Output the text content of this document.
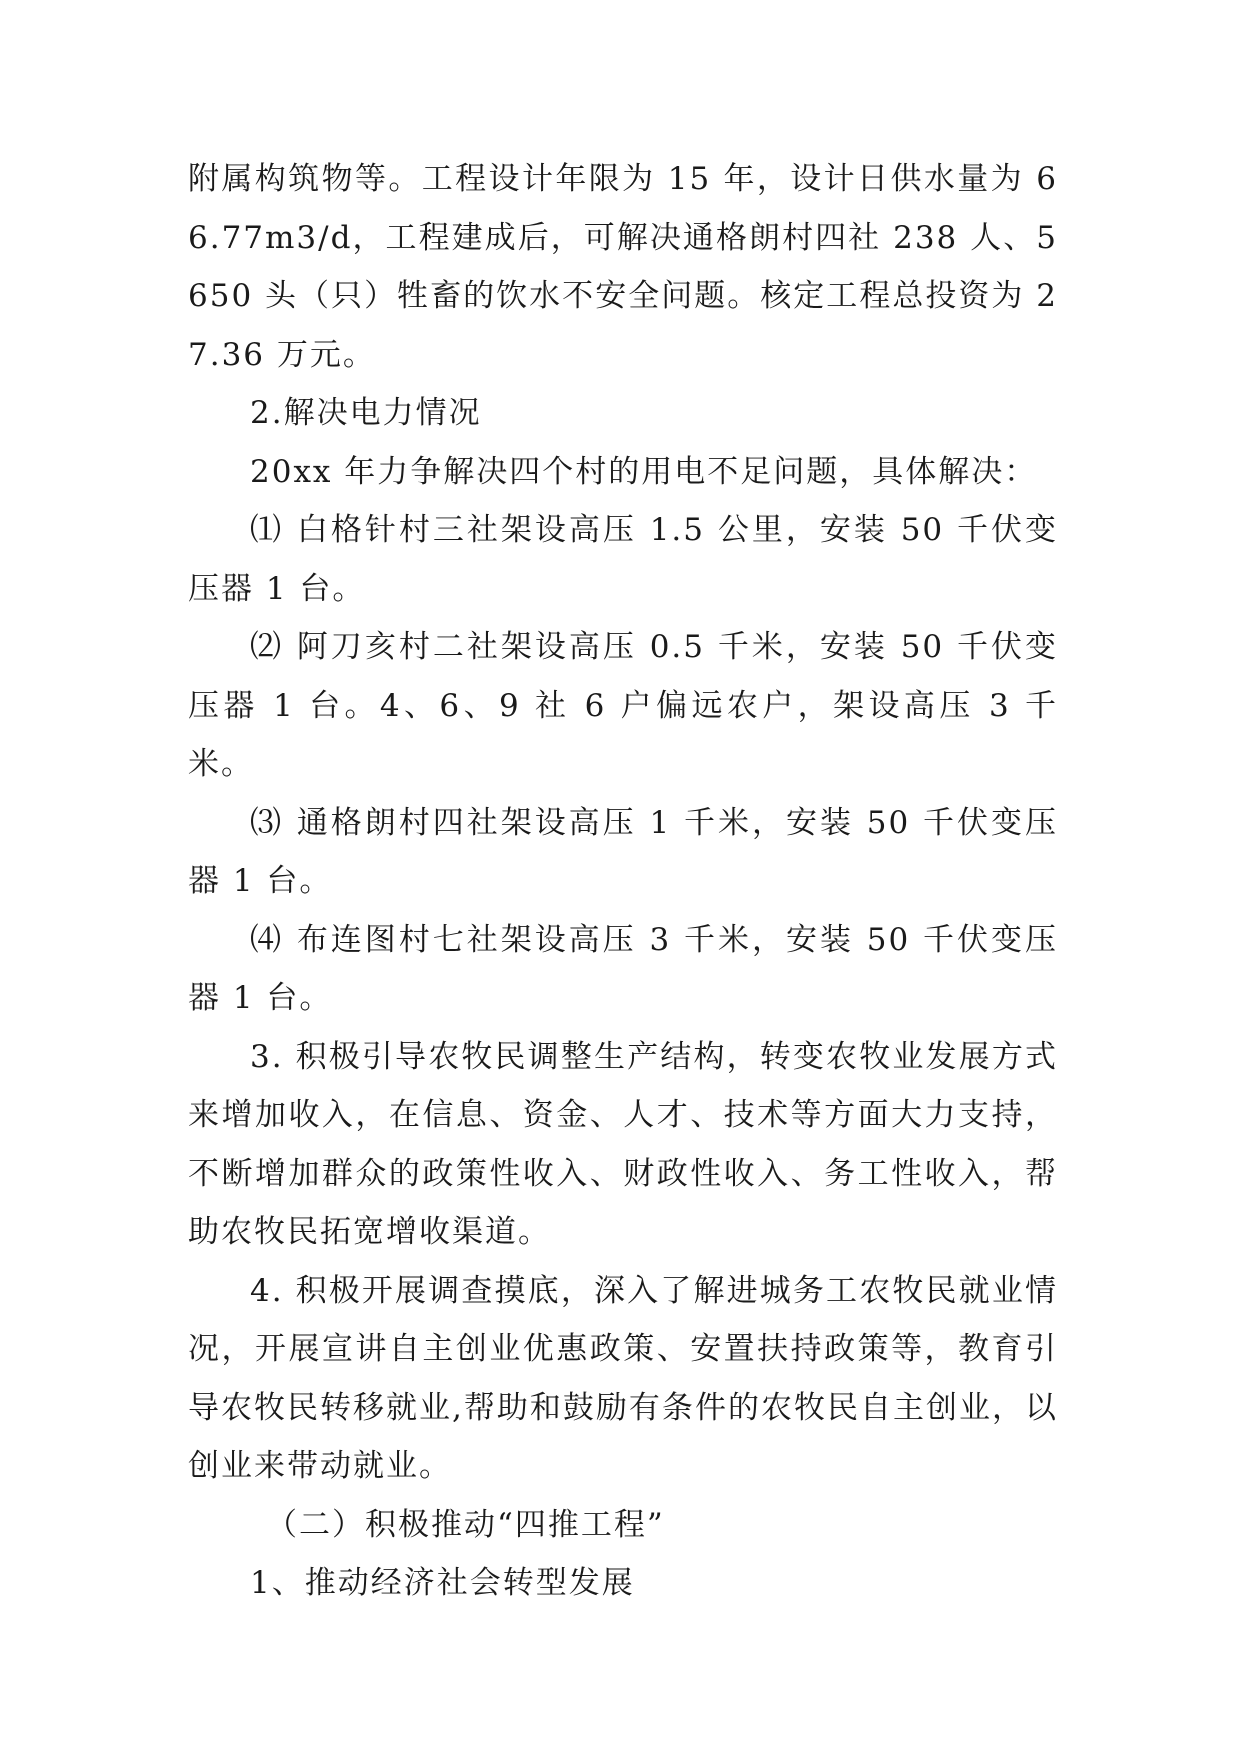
附属构筑物等。工程设计年限为 15 年，设计日供水量为 66.77m3/d，工程建成后，可解决通格朗村四社 238 人、5650 头（只）牲畜的饮水不安全问题。核定工程总投资为 27.36 万元。

2.解决电力情况

20xx 年力争解决四个村的用电不足问题，具体解决：

⑴ 白格针村三社架设高压 1.5 公里，安装 50 千伏变压器 1 台。

⑵ 阿刀亥村二社架设高压 0.5 千米，安装 50 千伏变压器 1 台。4、6、9 社 6 户偏远农户，架设高压 3 千米。

⑶ 通格朗村四社架设高压 1 千米，安装 50 千伏变压器 1 台。

⑷ 布连图村七社架设高压 3 千米，安装 50 千伏变压器 1 台。

3. 积极引导农牧民调整生产结构，转变农牧业发展方式来增加收入，在信息、资金、人才、技术等方面大力支持，不断增加群众的政策性收入、财政性收入、务工性收入，帮助农牧民拓宽增收渠道。

4. 积极开展调查摸底，深入了解进城务工农牧民就业情况，开展宣讲自主创业优惠政策、安置扶持政策等，教育引导农牧民转移就业,帮助和鼓励有条件的农牧民自主创业，以创业来带动就业。

（二）积极推动“四推工程”

1、推动经济社会转型发展
